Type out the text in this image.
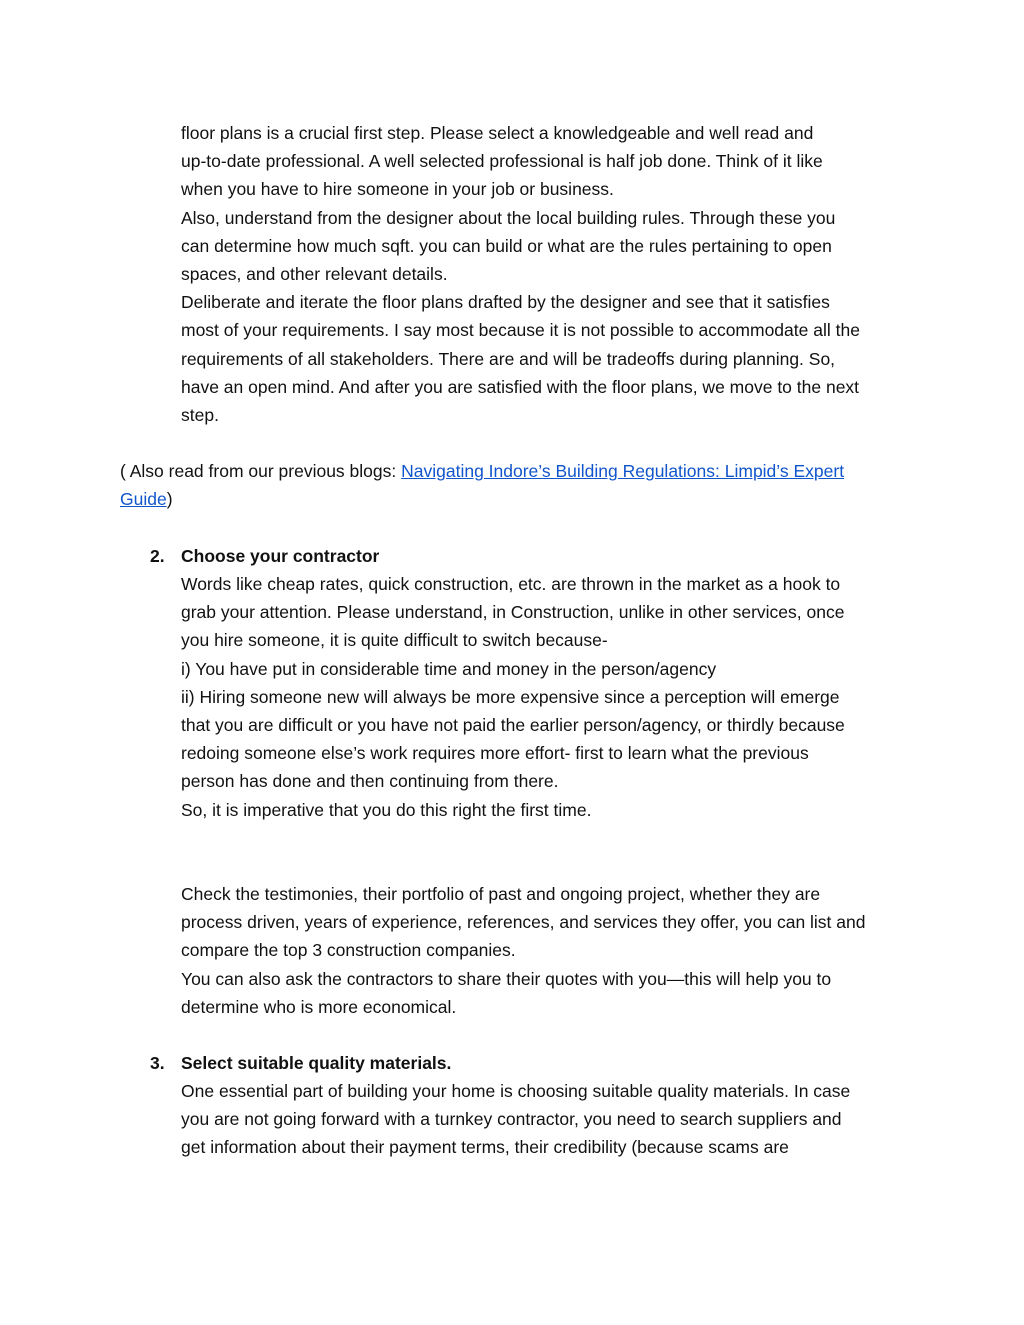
floor plans is a crucial first step. Please select a knowledgeable and well read and
up-to-date professional. A well selected professional is half job done. Think of it like
when you have to hire someone in your job or business.
Also, understand from the designer about the local building rules. Through these you
can determine how much sqft. you can build or what are the rules pertaining to open
spaces, and other relevant details.
Deliberate and iterate the floor plans drafted by the designer and see that it satisfies
most of your requirements. I say most because it is not possible to accommodate all the
requirements of all stakeholders. There are and will be tradeoffs during planning. So,
have an open mind. And after you are satisfied with the floor plans, we move to the next
step.
( Also read from our previous blogs: Navigating Indore’s Building Regulations: Limpid’s Expert
Guide)
2. Choose your contractor
Words like cheap rates, quick construction, etc. are thrown in the market as a hook to
grab your attention. Please understand, in Construction, unlike in other services, once
you hire someone, it is quite difficult to switch because-
i) You have put in considerable time and money in the person/agency
ii) Hiring someone new will always be more expensive since a perception will emerge
that you are difficult or you have not paid the earlier person/agency, or thirdly because
redoing someone else’s work requires more effort- first to learn what the previous
person has done and then continuing from there.
So, it is imperative that you do this right the first time.
Check the testimonies, their portfolio of past and ongoing project, whether they are
process driven, years of experience, references, and services they offer, you can list and
compare the top 3 construction companies.
You can also ask the contractors to share their quotes with you—this will help you to
determine who is more economical.
3. Select suitable quality materials.
One essential part of building your home is choosing suitable quality materials. In case
you are not going forward with a turnkey contractor, you need to search suppliers and
get information about their payment terms, their credibility (because scams are
